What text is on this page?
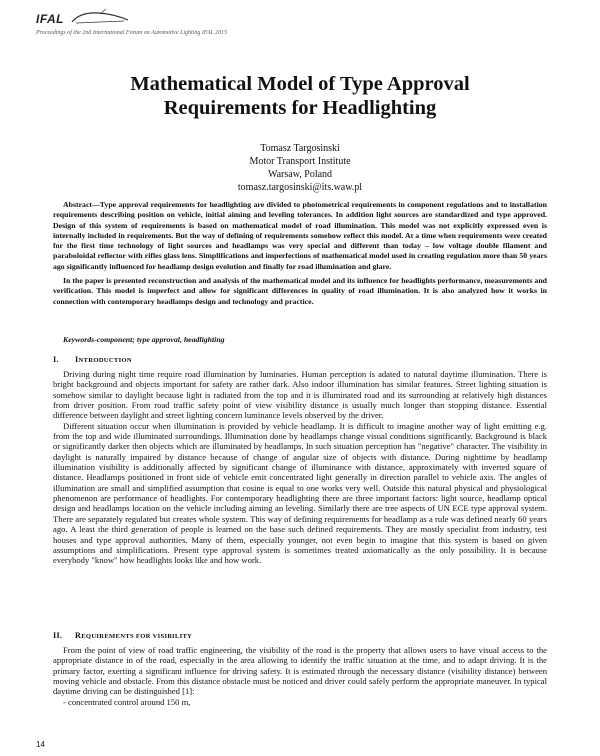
IFAL
Proceedings of the 2nd International Forum on Automotive Lighting IFAL 2015
Mathematical Model of Type Approval
Requirements for Headlighting
Tomasz Targosinski
Motor Transport Institute
Warsaw, Poland
tomasz.targosinski@its.waw.pl

Abstract—Type approval requirements for headlighting are divided to photometrical requirements in component regulations and to installation requirements describing position on vehicle, initial aiming and leveling tolerances. In addition light sources are standardized and type approved. Design of this system of requirements is based on mathematical model of road illumination. This model was not explicitly expressed even is internally included in requirements. But the way of defining of requirements somehow reflect this model. At a time when requirements were created for the first time technology of light sources and headlamps was very special and different than today – low voltage double filament and paraboloidal reflector with rifles glass lens. Simplifications and imperfections of mathematical model used in creating regulation more than 50 years ago significantly influenced for headlamp design evolution and finally for road illumination and glare.

In the paper is presented reconstruction and analysis of the mathematical model and its influence for headlights performance, measurements and verification. This model is imperfect and allow for significant differences in quality of road illumination. It is also analyzed how it works in connection with contemporary headlamps design and technology and practice.

Keywords-component; type approval, headlighting
I. INTRODUCTION

Driving during night time require road illumination by luminaries. Human perception is adated to natural daytime illumination. There is bright background and objects important for safety are rather dark. Also indoor illumination has similar features. Street lighting situation is somehow similar to daylight because light is radiated from the top and it is illuminated road and its surrounding at relatively high distances from driver position. From road traffic safety point of view visibility distance is usually much longer than stopping distance. Essential difference between daylight and street lighting concern luminance levels observed by the driver.

Different situation occur when illumination is provided by vehicle headlamp. It is difficult to imagine another way of light emitting e.g. from the top and wide illuminated surroundings. Illumination done by headlamps change visual conditions significantly. Background is black or significantly darker then objects which are illuminated by headlamps. In such situation perception has "negative" character. The visibility in daylight is naturally impaired by distance because of change of angular size of objects with distance. During nighttime by headlamp illumination visibility is additionally affected by significant change of illuminance with distance, approximately with inverted square of distance. Headlamps positioned in front side of vehicle emit concentrated light generally in direction parallel to vehicle axis. The angles of illumination are small and simplified assumption that cosine is equal to one works very well. Outside this natural physical and physiological phenomenon are performance of headlights. For contemporary headlighting there are three important factors: light source, headlamp optical design and headlamps location on the vehicle including aiming an leveling. Similarly there are tree aspects of UN ECE type approval system. There are separately regulated but creates whole system. This way of defining requirements for headlamp as a rule was defined nearly 60 years ago. A least the third generation of people is learned on the base such defined requirements. They are mostly specialist from industry, test houses and type approval authorities. Many of them, especially younger, not even begin to imagine that this system is based on given assumptions and simplifications. Present type approval system is sometimes treated axiomatically as the only possibility. It is because everybody "know" how headlights looks like and how work.

II. REQUIREMENTS FOR VISIBILITY

From the point of view of road traffic engineering, the visibility of the road is the property that allows users to have visual access to the appropriate distance in of the road, especially in the area allowing to identify the traffic situation at the time, and to adapt driving. It is the primary factor, exerting a significant influence for driving safety. It is estimated through the necessary distance (visibility distance) between moving vehicle and obstacle. From this distance obstacle must be noticed and driver could safely perform the appropriate maneuver. In typical daytime driving can be distinguished [1]:

- concentrated control around 150 m,

14
